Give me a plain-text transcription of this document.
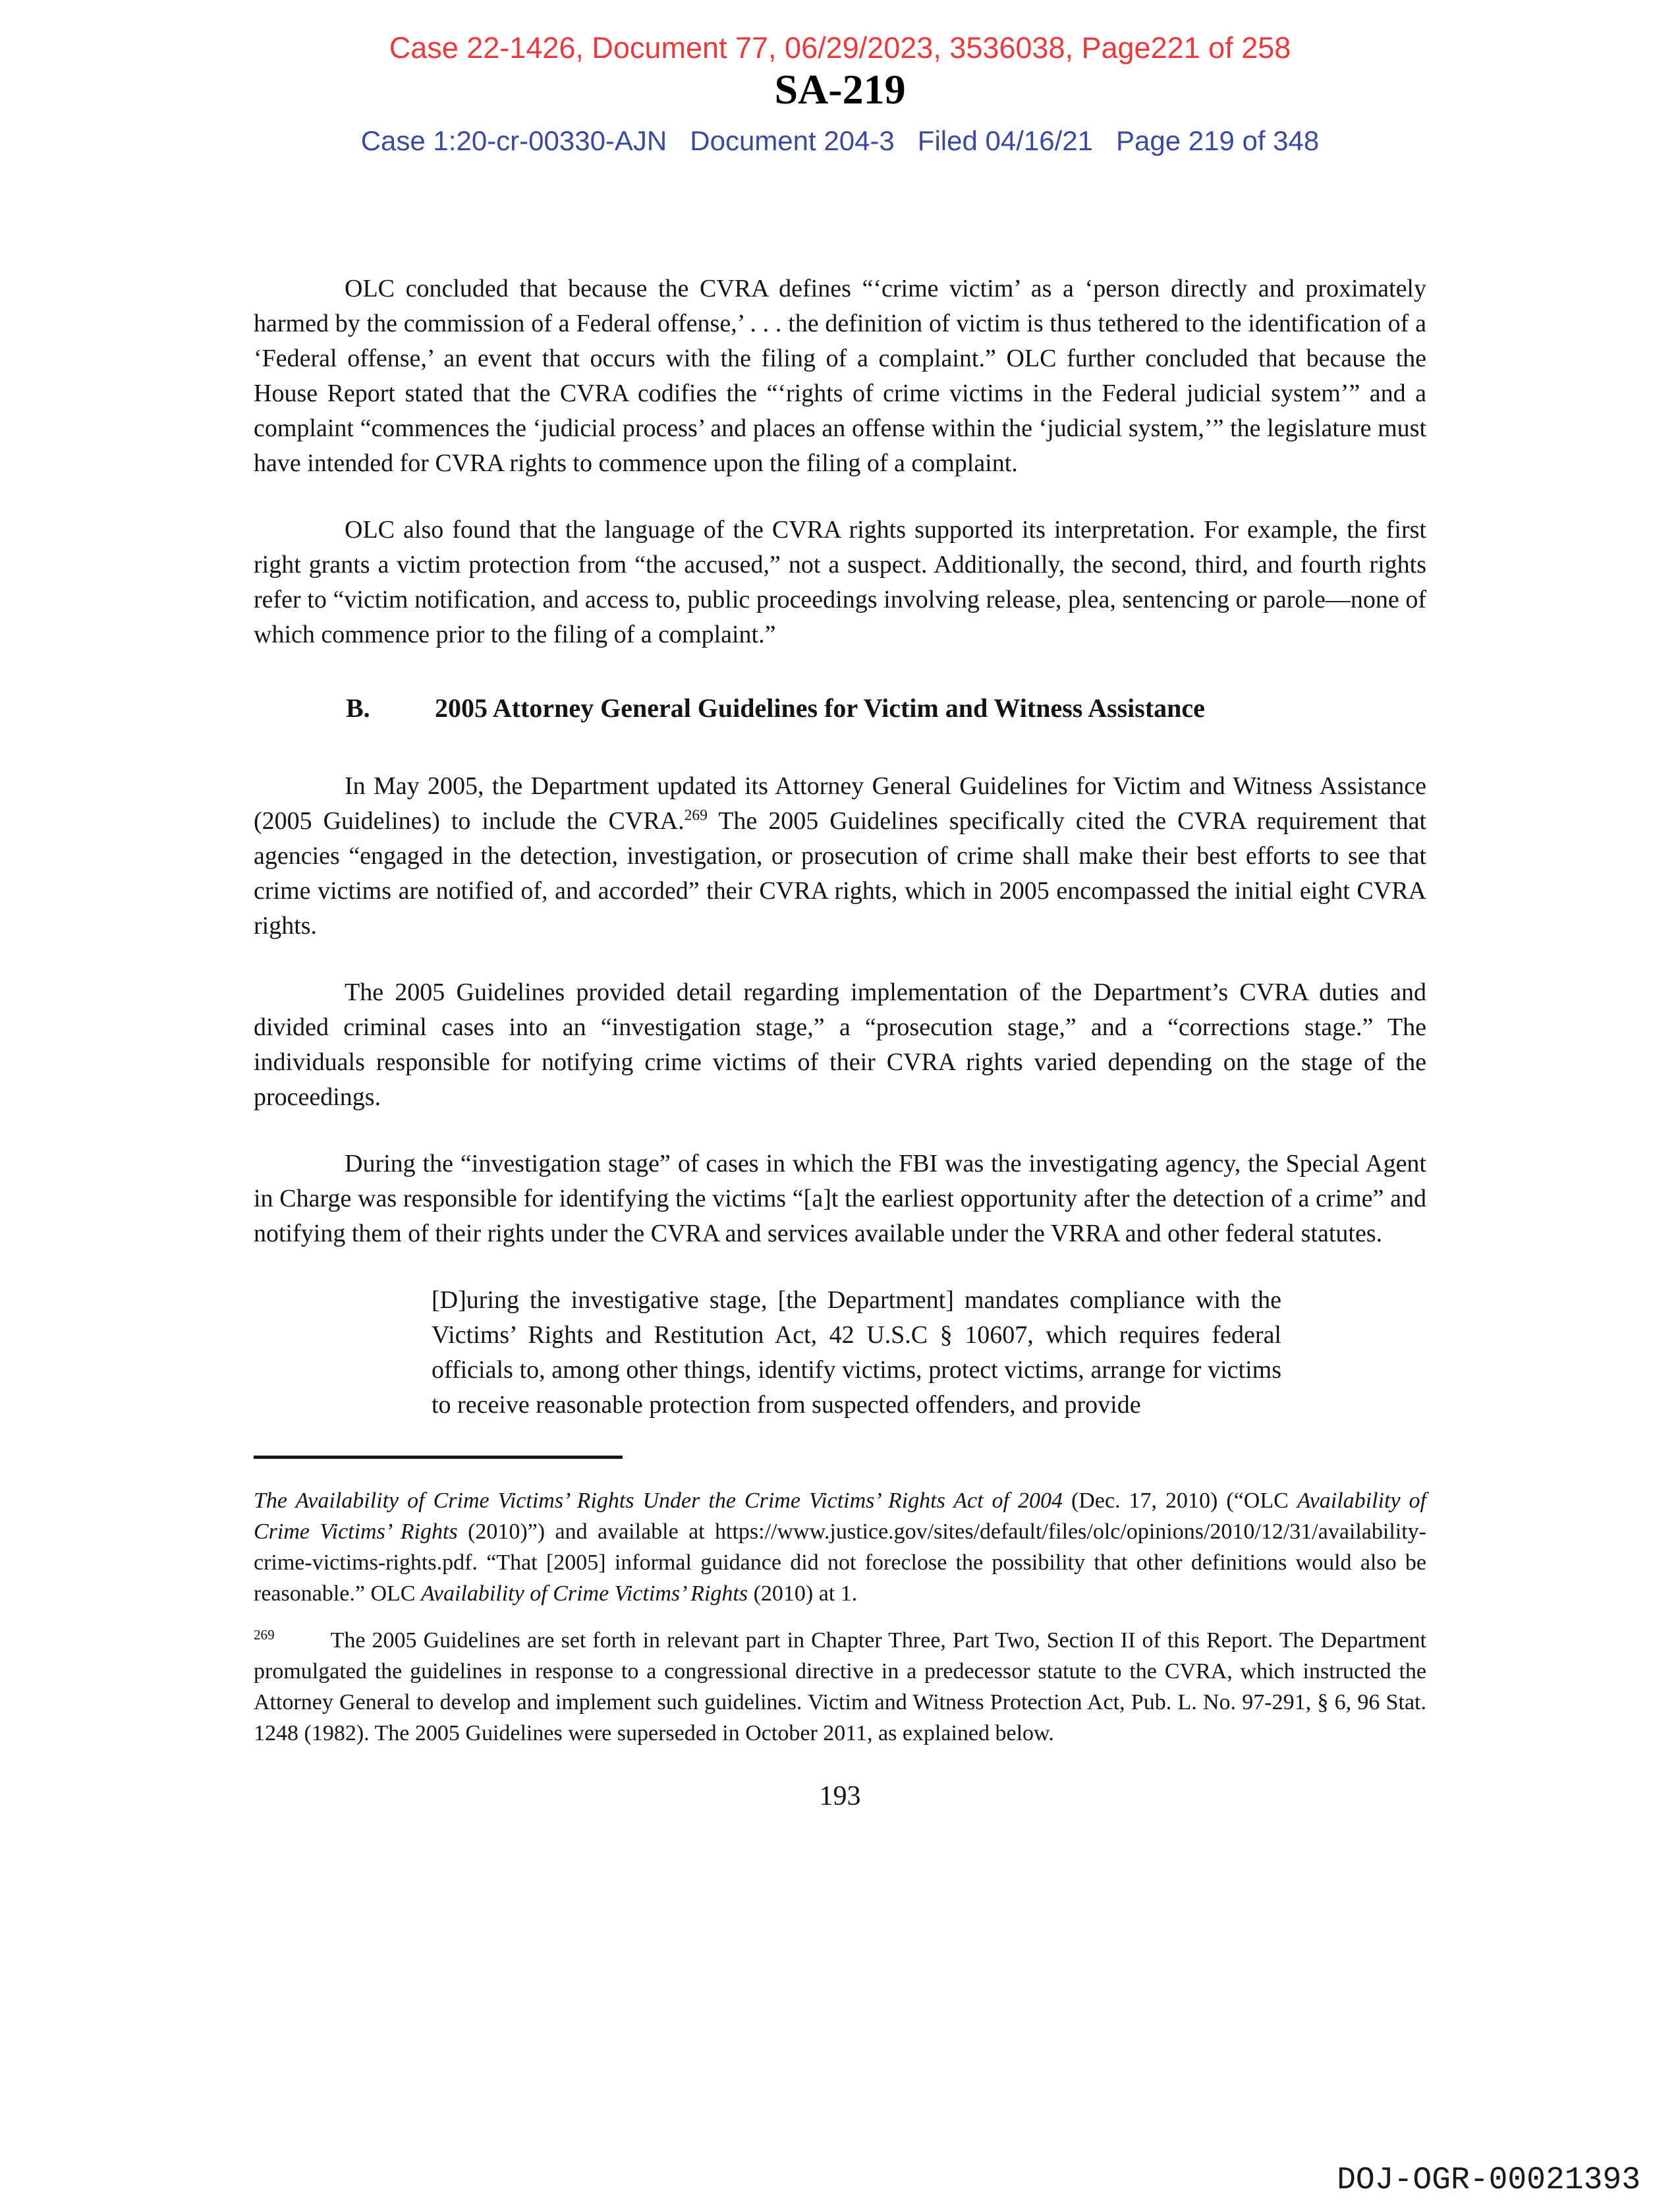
Case 22-1426, Document 77, 06/29/2023, 3536038, Page221 of 258
SA-219
Case 1:20-cr-00330-AJN   Document 204-3   Filed 04/16/21   Page 219 of 348

OLC concluded that because the CVRA defines “‘crime victim’ as a ‘person directly and proximately harmed by the commission of a Federal offense,’ . . . the definition of victim is thus tethered to the identification of a ‘Federal offense,’ an event that occurs with the filing of a complaint.” OLC further concluded that because the House Report stated that the CVRA codifies the “‘rights of crime victims in the Federal judicial system’” and a complaint “commences the ‘judicial process’ and places an offense within the ‘judicial system,’” the legislature must have intended for CVRA rights to commence upon the filing of a complaint.

OLC also found that the language of the CVRA rights supported its interpretation. For example, the first right grants a victim protection from “the accused,” not a suspect. Additionally, the second, third, and fourth rights refer to “victim notification, and access to, public proceedings involving release, plea, sentencing or parole—none of which commence prior to the filing of a complaint.”

B. 2005 Attorney General Guidelines for Victim and Witness Assistance

In May 2005, the Department updated its Attorney General Guidelines for Victim and Witness Assistance (2005 Guidelines) to include the CVRA.$^{269}$ The 2005 Guidelines specifically cited the CVRA requirement that agencies “engaged in the detection, investigation, or prosecution of crime shall make their best efforts to see that crime victims are notified of, and accorded” their CVRA rights, which in 2005 encompassed the initial eight CVRA rights.

The 2005 Guidelines provided detail regarding implementation of the Department’s CVRA duties and divided criminal cases into an “investigation stage,” a “prosecution stage,” and a “corrections stage.” The individuals responsible for notifying crime victims of their CVRA rights varied depending on the stage of the proceedings.

During the “investigation stage” of cases in which the FBI was the investigating agency, the Special Agent in Charge was responsible for identifying the victims “[a]t the earliest opportunity after the detection of a crime” and notifying them of their rights under the CVRA and services available under the VRRA and other federal statutes.

[D]uring the investigative stage, [the Department] mandates compliance with the Victims’ Rights and Restitution Act, 42 U.S.C § 10607, which requires federal officials to, among other things, identify victims, protect victims, arrange for victims to receive reasonable protection from suspected offenders, and provide

The Availability of Crime Victims’ Rights Under the Crime Victims’ Rights Act of 2004 (Dec. 17, 2010) (“OLC Availability of Crime Victims’ Rights (2010)”) and available at https://www.justice.gov/sites/default/files/olc/opinions/2010/12/31/availability-crime-victims-rights.pdf. “That [2005] informal guidance did not foreclose the possibility that other definitions would also be reasonable.” OLC Availability of Crime Victims’ Rights (2010) at 1.

$^{269}$	The 2005 Guidelines are set forth in relevant part in Chapter Three, Part Two, Section II of this Report. The Department promulgated the guidelines in response to a congressional directive in a predecessor statute to the CVRA, which instructed the Attorney General to develop and implement such guidelines. Victim and Witness Protection Act, Pub. L. No. 97-291, § 6, 96 Stat. 1248 (1982). The 2005 Guidelines were superseded in October 2011, as explained below.

193
DOJ-OGR-00021393
